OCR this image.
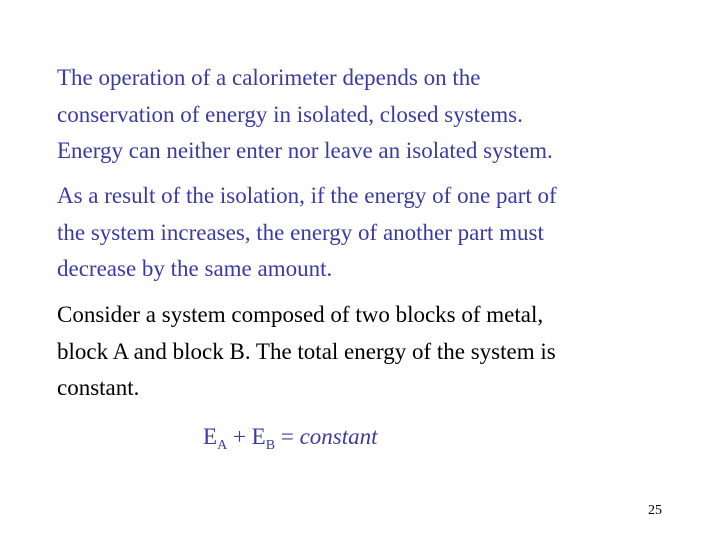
The operation of a calorimeter depends on the
conservation of energy in isolated, closed systems.
Energy can neither enter nor leave an isolated system.

As a result of the isolation, if the energy of one part of
the system increases, the energy of another part must
decrease by the same amount.

Consider a system composed of two blocks of metal,
block A and block B. The total energy of the system is
constant.

$E_A + E_B$ = constant
25
